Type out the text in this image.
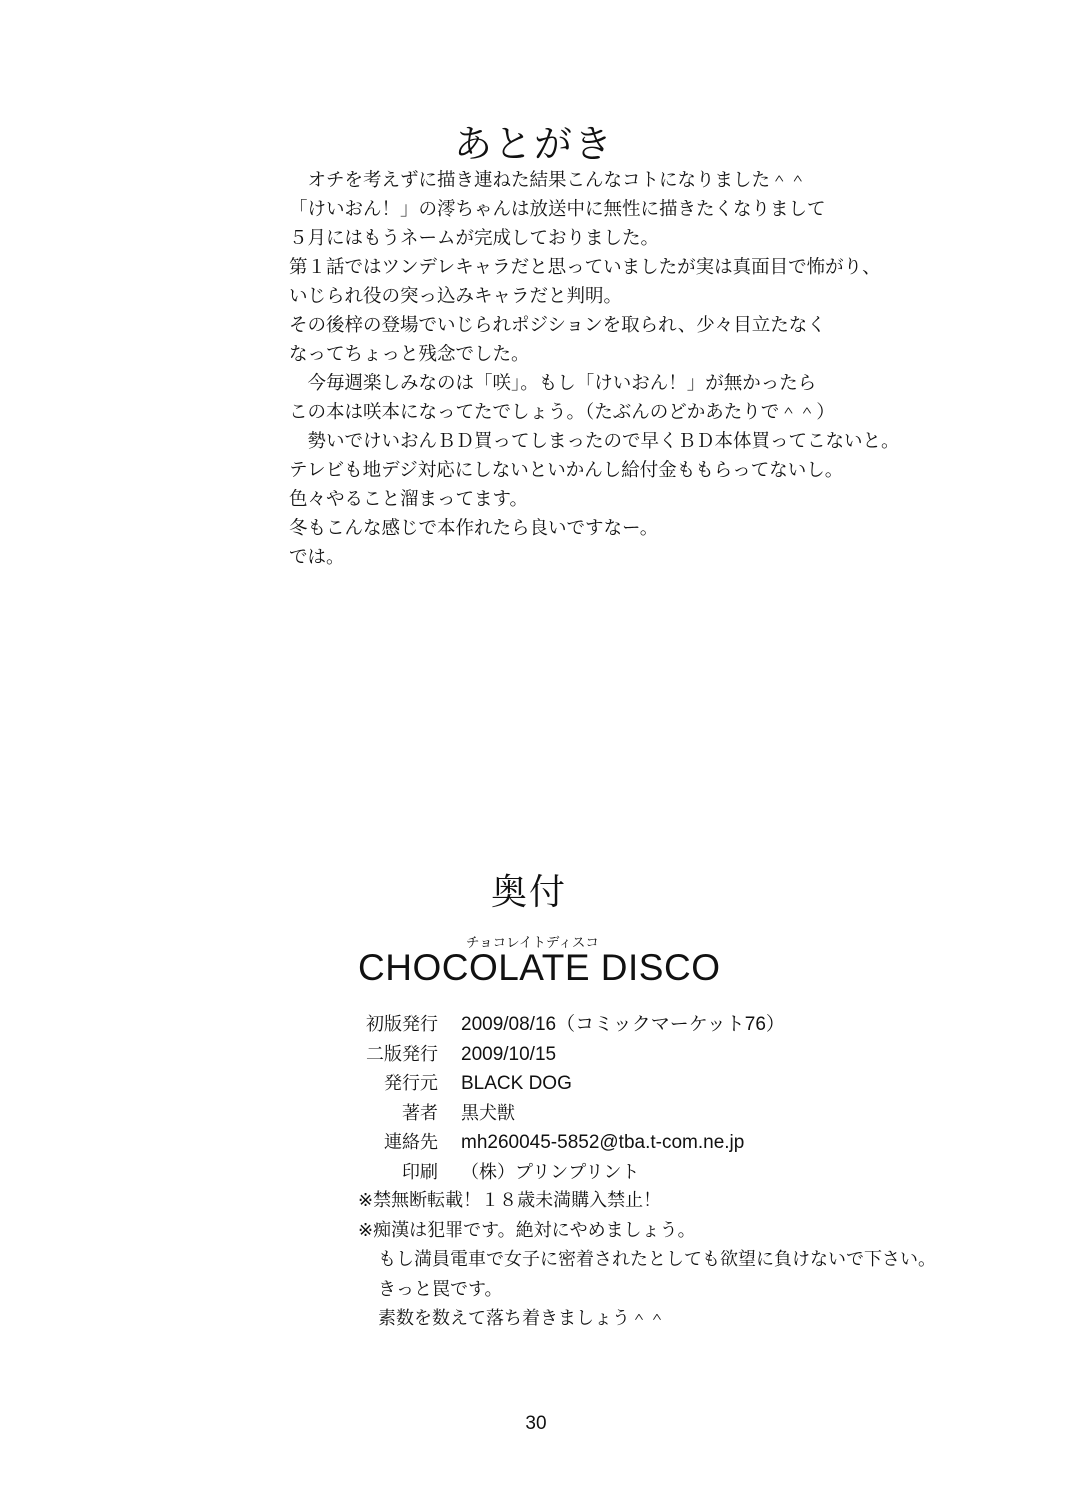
あとがき
　オチを考えずに描き連ねた結果こんなコトになりました＾＾
「けいおん！」の澪ちゃんは放送中に無性に描きたくなりまして
５月にはもうネームが完成しておりました。
第１話ではツンデレキャラだと思っていましたが実は真面目で怖がり、
いじられ役の突っ込みキャラだと判明。
その後梓の登場でいじられポジションを取られ、少々目立たなく
なってちょっと残念でした。
　今毎週楽しみなのは「咲」。もし「けいおん！」が無かったら
この本は咲本になってたでしょう。（たぶんのどかあたりで＾＾）
　勢いでけいおんＢＤ買ってしまったので早くＢＤ本体買ってこないと。
テレビも地デジ対応にしないといかんし給付金ももらってないし。
色々やること溜まってます。
冬もこんな感じで本作れたら良いですなー。
では。
奥付
チョコレイトディスコ
CHOCOLATE DISCO
初版発行 2009/08/16（コミックマーケット76）
二版発行 2009/10/15
発行元 BLACK DOG
著者 黒犬獣
連絡先 mh260045-5852@tba.t-com.ne.jp
印刷 （株）プリンプリント
※禁無断転載！１８歳未満購入禁止！
※痴漢は犯罪です。絶対にやめましょう。
もし満員電車で女子に密着されたとしても欲望に負けないで下さい。
きっと罠です。
素数を数えて落ち着きましょう＾＾
30
